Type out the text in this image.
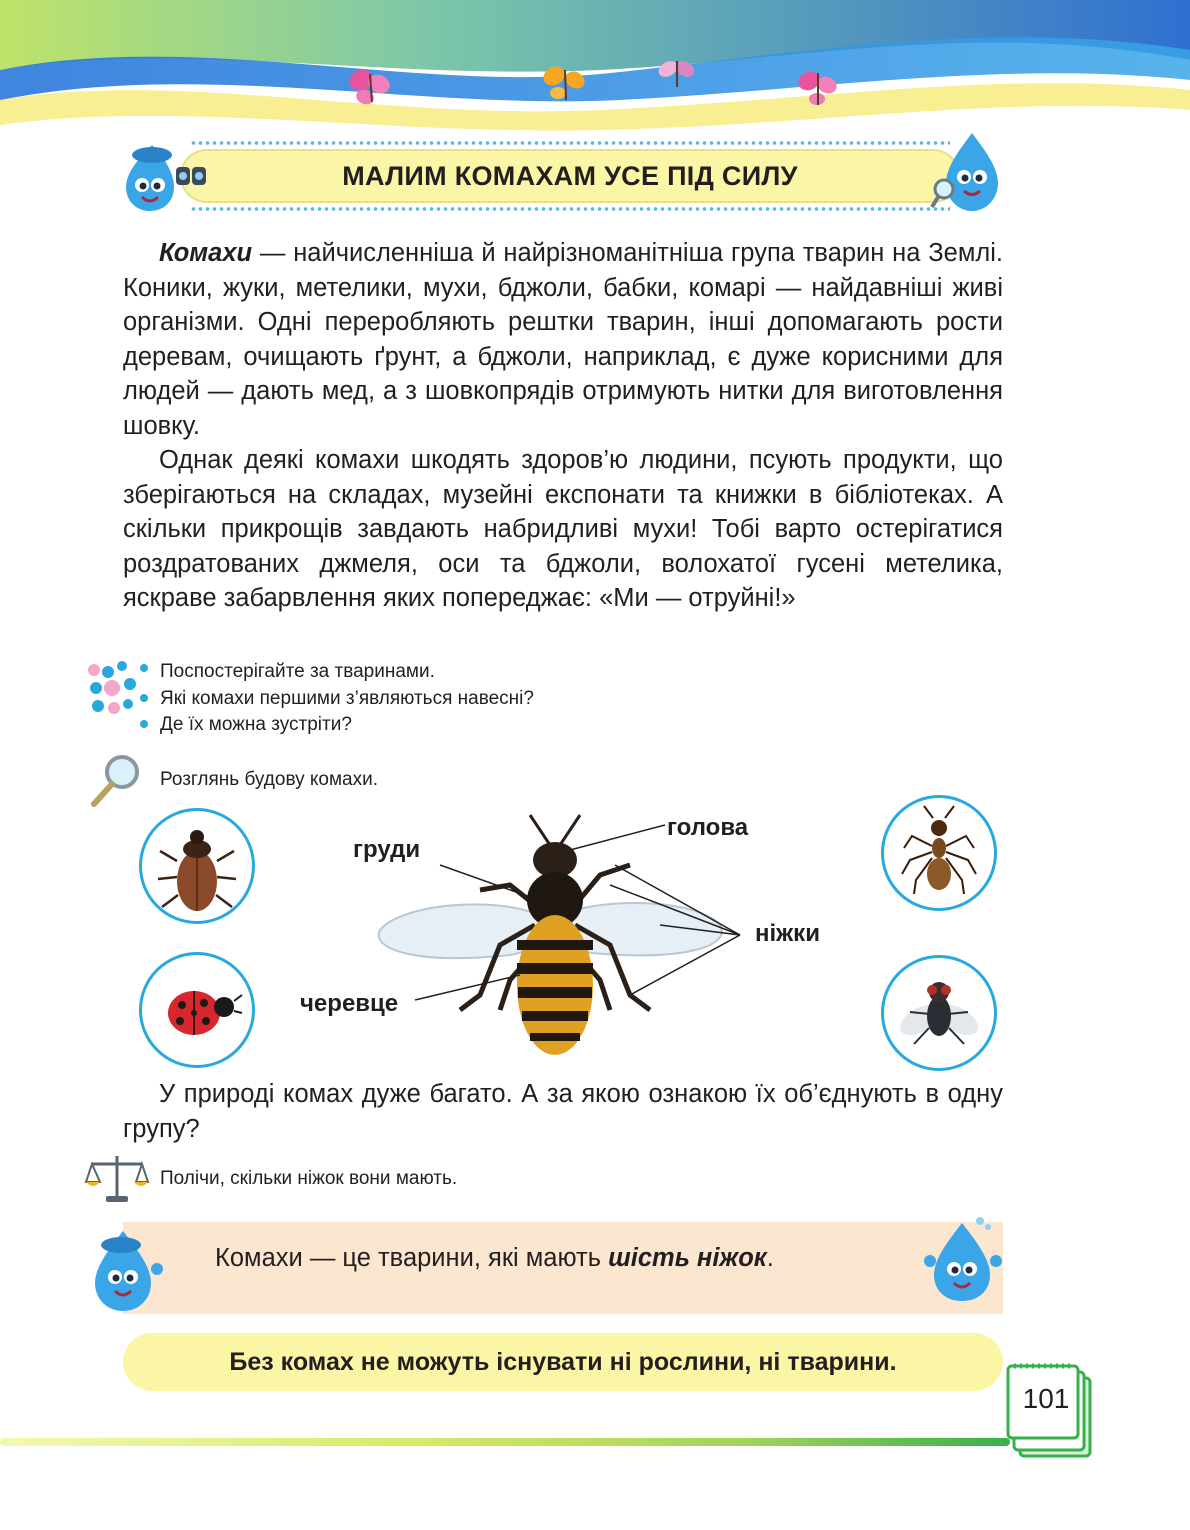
МАЛИМ КОМАХАМ УСЕ ПІД СИЛУ

Комахи — найчисленніша й найрізноманітніша група тварин на Землі. Коники, жуки, метелики, мухи, бджоли, бабки, комарі — найдавніші живі організми. Одні переробляють рештки тварин, інші допомагають рости деревам, очищають ґрунт, а бджоли, наприклад, є дуже корисними для людей — дають мед, а з шовкопрядів отримують нитки для виготовлення шовку.

Однак деякі комахи шкодять здоров’ю людини, псують продукти, що зберігаються на складах, музейні експонати та книжки в бібліотеках. А скільки прикрощів завдають набридливі мухи! Тобі варто остерігатися роздратованих джмеля, оси та бджоли, волохатої гусені метелика, яскраве забарвлення яких попереджає: «Ми — отруйні!»

Поспостерігайте за тваринами.
Які комахи першими з’являються навесні?
Де їх можна зустріти?
Розглянь будову комахи.
голова
груди
ніжки
черевце

У природі комах дуже багато. А за якою ознакою їх об’єднують в одну групу?

Полічи, скільки ніжок вони мають.
Комахи — це тварини, які мають шість ніжок.
Без комах не можуть існувати ні рослини, ні тварини.
101
